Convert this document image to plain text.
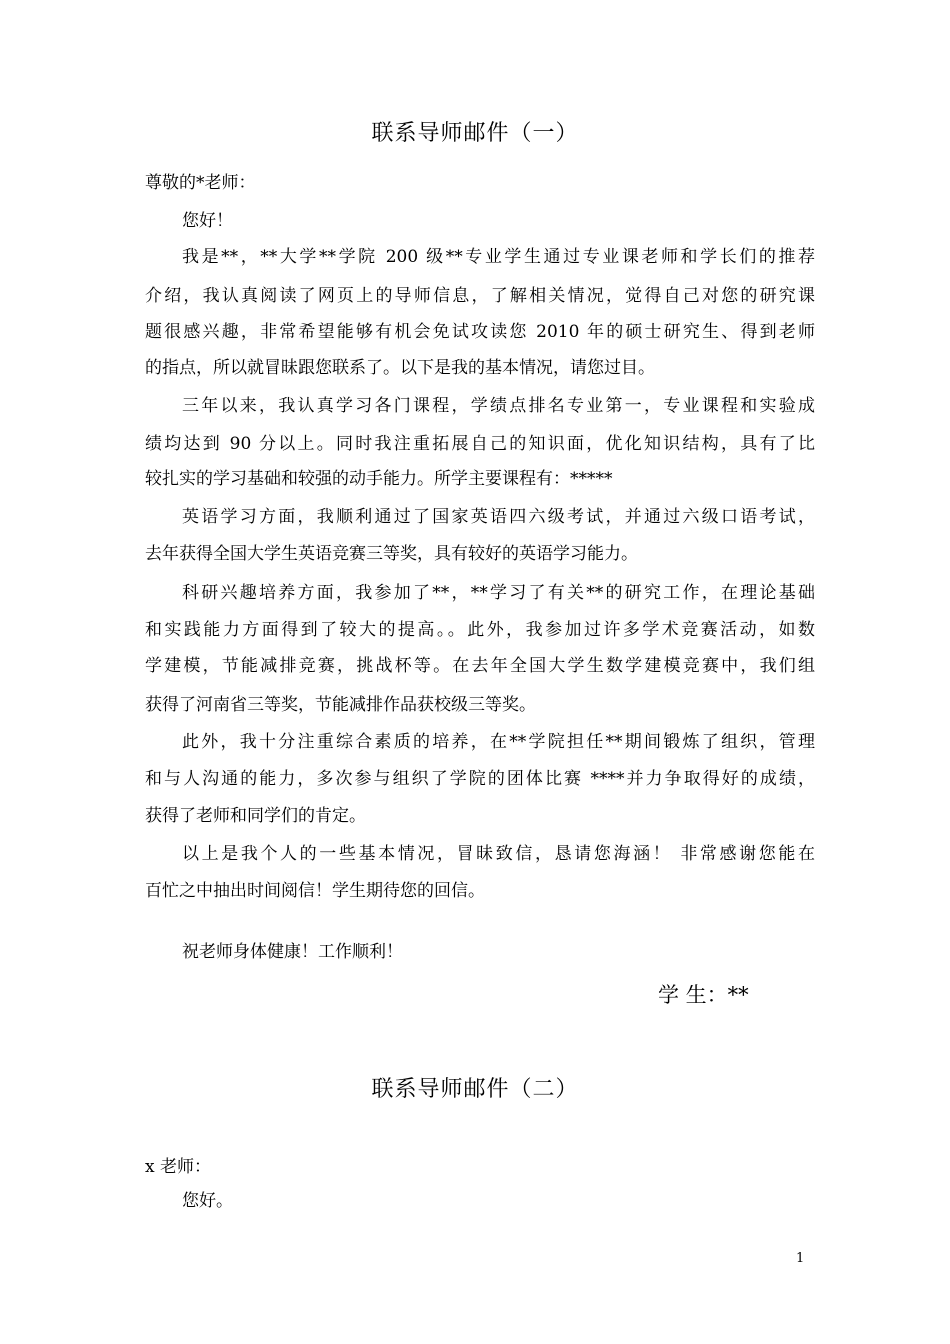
联系导师邮件（一）
尊敬的*老师：
您好！
我是**，**大学**学院 200 级**专业学生通过专业课老师和学长们的推荐
介绍，我认真阅读了网页上的导师信息，了解相关情况，觉得自己对您的研究课
题很感兴趣，非常希望能够有机会免试攻读您 2010 年的硕士研究生、得到老师
的指点，所以就冒昧跟您联系了。以下是我的基本情况，请您过目。
三年以来，我认真学习各门课程，学绩点排名专业第一，专业课程和实验成
绩均达到 90 分以上。同时我注重拓展自己的知识面，优化知识结构，具有了比
较扎实的学习基础和较强的动手能力。所学主要课程有：*****
英语学习方面，我顺利通过了国家英语四六级考试，并通过六级口语考试，
去年获得全国大学生英语竞赛三等奖，具有较好的英语学习能力。
科研兴趣培养方面，我参加了**，**学习了有关**的研究工作，在理论基础
和实践能力方面得到了较大的提高。。此外，我参加过许多学术竞赛活动，如数
学建模，节能减排竞赛，挑战杯等。在去年全国大学生数学建模竞赛中，我们组
获得了河南省三等奖，节能减排作品获校级三等奖。
此外，我十分注重综合素质的培养，在**学院担任**期间锻炼了组织，管理
和与人沟通的能力，多次参与组织了学院的团体比赛 ****并力争取得好的成绩，
获得了老师和同学们的肯定。
以上是我个人的一些基本情况，冒昧致信，恳请您海涵！ 非常感谢您能在
百忙之中抽出时间阅信！学生期待您的回信。
祝老师身体健康！工作顺利！
学 生：**
联系导师邮件（二）
x 老师：
您好。
1
